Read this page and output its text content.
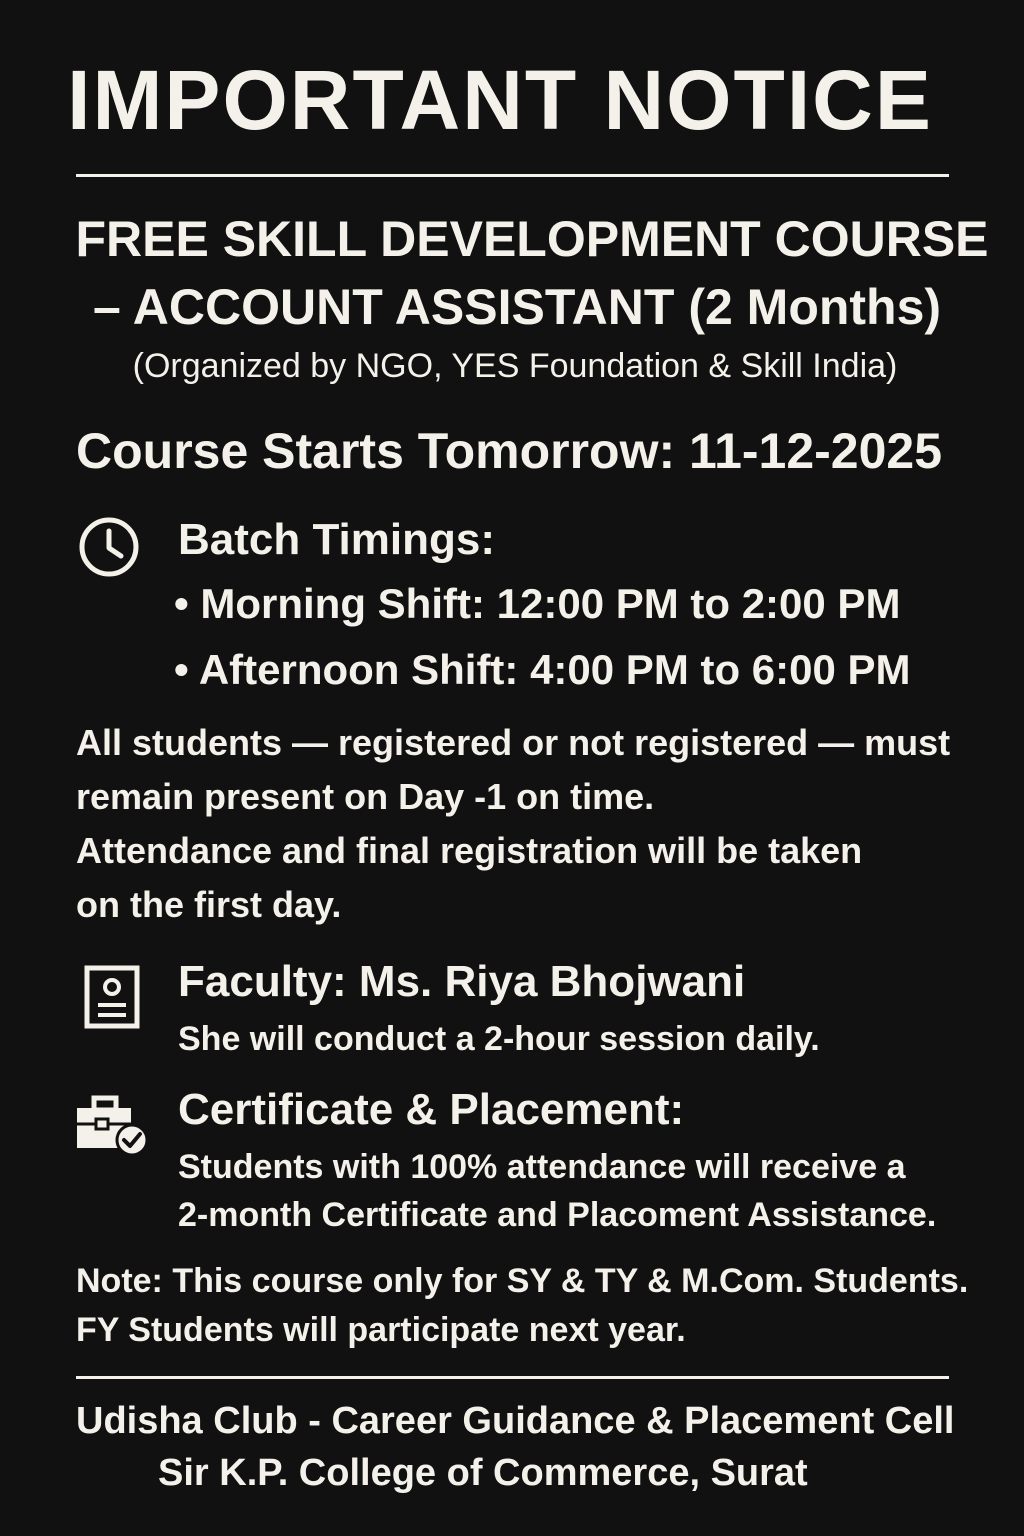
IMPORTANT NOTICE
FREE SKILL DEVELOPMENT COURSE
– ACCOUNT ASSISTANT (2 Months)
(Organized by NGO, YES Foundation & Skill India)
Course Starts Tomorrow: 11-12-2025
Batch Timings:
• Morning Shift: 12:00 PM to 2:00 PM
• Afternoon Shift: 4:00 PM to 6:00 PM
All students — registered or not registered — must
remain present on Day -1 on time.
Attendance and final registration will be taken
on the first day.
Faculty: Ms. Riya Bhojwani
She will conduct a 2-hour session daily.
Certificate & Placement:
Students with 100% attendance will receive a
2-month Certificate and Placoment Assistance.
Note: This course only for SY & TY & M.Com. Students.
FY Students will participate next year.
Udisha Club - Career Guidance & Placement Cell
Sir K.P. College of Commerce, Surat
